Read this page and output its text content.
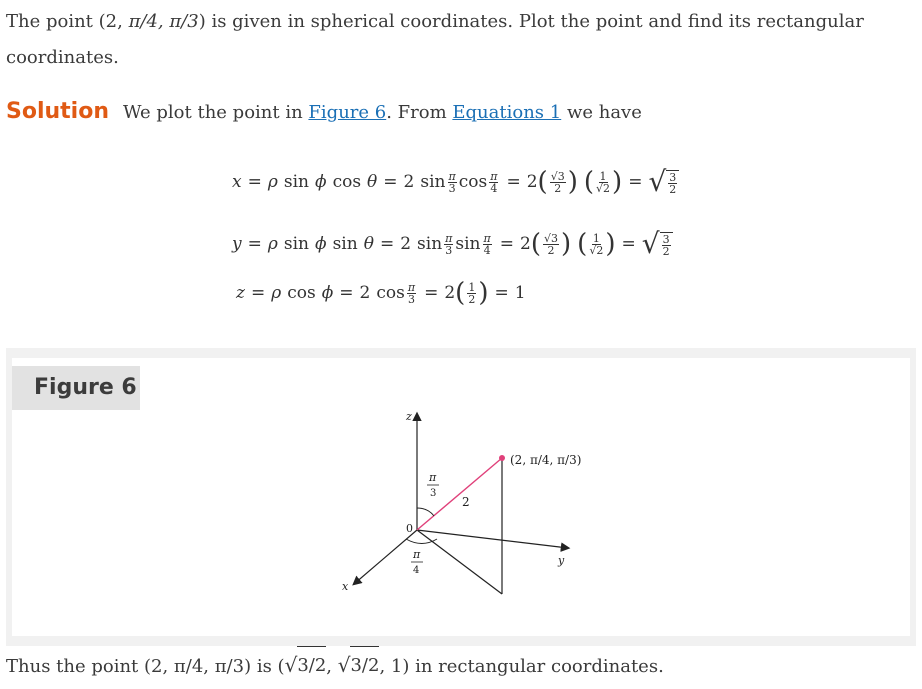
The point (2, π/4, π/3) is given in spherical coordinates. Plot the point and find its rectangular coordinates.

Solution We plot the point in Figure 6. From Equations 1 we have

x = ρ sin ϕ cos θ = 2 sin π
3 cos π
4 = 2 ( √3
2 ) ( 1
√2 ) = √ $\frac{3}{2}$
y = ρ sin ϕ sin θ = 2 sin π
3 sin π
4 = 2 ( √3
2 ) ( 1
√2 ) = √ $\frac{3}{2}$
z = ρ cos ϕ = 2 cos π
3 = 2 ( 1
2 ) = 1
Figure 6
z
y
x
0
(2, π/4, π/3)
2
π
3
π
4

Thus the point (2, π/4, π/3) is ( √ 3/2 , √ 3/2 , 1) in rectangular coordinates.
